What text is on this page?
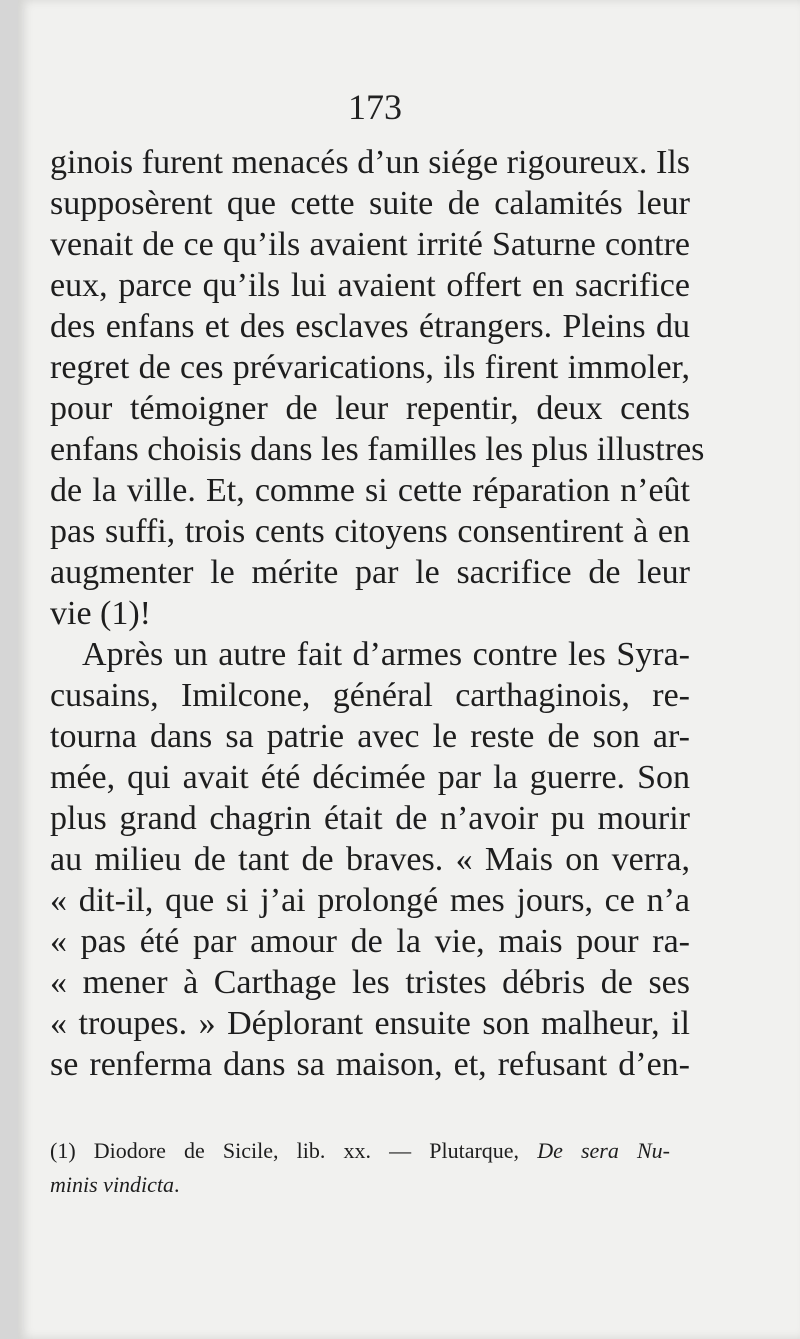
173
ginois furent menacés d’un siége rigoureux. Ils
supposèrent que cette suite de calamités leur
venait de ce qu’ils avaient irrité Saturne contre
eux, parce qu’ils lui avaient offert en sacrifice
des enfans et des esclaves étrangers. Pleins du
regret de ces prévarications, ils firent immoler,
pour témoigner de leur repentir, deux cents
enfans choisis dans les familles les plus illustres
de la ville. Et, comme si cette réparation n’eût
pas suffi, trois cents citoyens consentirent à en
augmenter le mérite par le sacrifice de leur
vie (1)!
Après un autre fait d’armes contre les Syra-
cusains, Imilcone, général carthaginois, re-
tourna dans sa patrie avec le reste de son ar-
mée, qui avait été décimée par la guerre. Son
plus grand chagrin était de n’avoir pu mourir
au milieu de tant de braves. « Mais on verra,
« dit-il, que si j’ai prolongé mes jours, ce n’a
« pas été par amour de la vie, mais pour ra-
« mener à Carthage les tristes débris de ses
« troupes. » Déplorant ensuite son malheur, il
se renferma dans sa maison, et, refusant d’en-
(1) Diodore de Sicile, lib. xx. — Plutarque, De sera Nu-
minis vindicta.
